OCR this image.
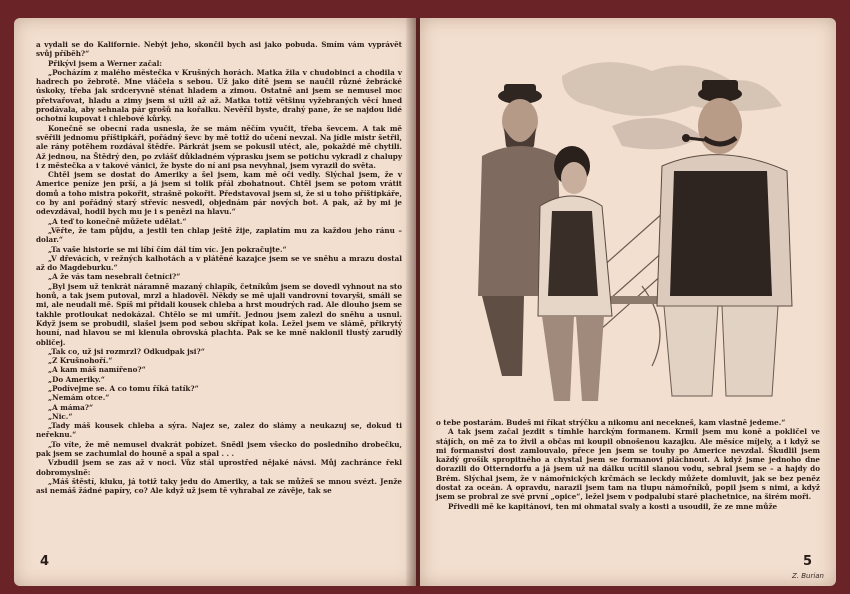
a vydali se do Kalifornie. Nebýt jeho, skončil bych asi jako pobuda. Smím vám vyprávět svůj příběh?“

Přikývl jsem a Werner začal:

„Pocházím z malého městečka v Krušných horách. Matka žila v chudobinci a chodila v hadrech po žebrotě. Mne vláčela s sebou. Už jako dítě jsem se naučil různé žebrácké úskoky, třeba jak srdceryvně sténat hladem a zimou. Ostatně ani jsem se nemusel moc přetvařovat, hladu a zimy jsem si užil až až. Matka totiž většinu vyžebraných věcí hned prodávala, aby sehnala pár grošů na kořalku. Nevěříl byste, drahý pane, že se najdou lidé ochotní kupovat i chlebové kůrky.

Konečně se obecní rada usnesla, že se mám něčím vyučit, třeba ševcem. A tak mě svěřili jednomu příštipkáři, pořádný ševc by mě totiž do učení nevzal. Na jídle mistr šetřil, ale rány potěhem rozdával štědře. Párkrát jsem se pokusil utéct, ale, pokaždé mě chytili. Až jednou, na Štědrý den, po zvlášť důkladném výprasku jsem se potichu vykradl z chalupy i z městečka a v takové vánici, že byste do ní ani psa nevyhnal, jsem vyrazil do světa.

Chtěl jsem se dostat do Ameriky a šel jsem, kam mě oči vedly. Slýchal jsem, že v Americe peníze jen prší, a já jsem si tolik přál zbohatnout. Chtěl jsem se potom vrátit domů a toho mistra pokořit, strašně pokořit. Představoval jsem si, že si u toho příštipkáře, co by ani pořádný starý střevíc nesvedl, objednám pár nových bot. A pak, až by mi je odevzdával, hodil bych mu je i s penězi na hlavu.“

„A teď to konečně můžete udělat.“

„Věřte, že tam půjdu, a jestli ten chlap ještě žije, zaplatím mu za každou jeho ránu – dolar.“

„Ta vaše historie se mi líbí čím dál tím víc. Jen pokračujte.“

„V dřevácích, v režných kalhotách a v plátěné kazajce jsem se ve sněhu a mrazu dostal až do Magdeburku.“

„A že vás tam nesebrali četníci?“

„Byl jsem už tenkrát náramně mazaný chlapík, četníkům jsem se dovedl vyhnout na sto honů, a tak jsem putoval, mrzl a hladověl. Někdy se mě ujali vandrovní tovaryši, smáli se mi, ale neudali mě. Spíš mi přidali kousek chleba a hrst moudrých rad. Ale dlouho jsem se takhle protloukat nedokázal. Chtělo se mi umřít. Jednou jsem zalezl do sněhu a usnul. Když jsem se probudil, slašel jsem pod sebou skřípat kola. Ležel jsem ve slámě, přikrytý houní, nad hlavou se mi klenula obrovská plachta. Pak se ke mně naklonil tlustý zarudlý obličej.

„Tak co, už jsi rozmrzl? Odkudpak jsi?“

„Z Krušnohoří.“

„A kam máš namířeno?“

„Do Ameriky.“

„Podívejme se. A co tomu říká tatík?“

„Nemám otce.“

„A máma?“

„Nic.“

„Tady máš kousek chleba a sýra. Najez se, zalez do slámy a neukazuj se, dokud ti neřeknu.“

„To víte, že mě nemusel dvakrát pobízet. Snědl jsem všecko do posledního drobečku, pak jsem se zachumlal do houně a spal a spal . . .

Vzbudil jsem se zas až v noci. Vůz stál uprostřed nějaké návsi. Můj zachránce řekl dobromyslně:

„Máš štěstí, kluku, já totiž taky jedu do Ameriky, a tak se můžeš se mnou svézt. Jenže asi nemáš žádné papíry, co? Ale když už jsem tě vyhrabal ze závěje, tak se

4
Z. Burian

o tebe postarám. Budeš mi říkat strýčku a nikomu ani necekneš, kam vlastně jedeme.“

A tak jsem začal jezdit s tímhle harckým formanem. Krmil jsem mu koně a pokličel ve stájích, on mě za to živil a občas mi koupil obnošenou kazajku. Ale měsíce míjely, a i když se mi formanství dost zamlouvalo, přece jen jsem se touhy po Americe nevzdal. Škudlil jsem každý grošík spropitného a chystal jsem se formanovi pláchnout. A když jsme jednoho dne dorazili do Otterndorfu a já jsem už na dálku ucítil slanou vodu, sebral jsem se – a hajdy do Brém. Slýchal jsem, že v námořnických krčmách se leckdy můžete domluvit, jak se bez peněz dostat za oceán. A opravdu, narazil jsem tam na tlupu námořníků, popil jsem s nimi, a když jsem se probral ze své první „opice“, ležel jsem v podpalubí staré plachetnice, na širém moři.

Přivedli mě ke kapitánovi, ten mi ohmatal svaly a kosti a usoudil, že ze mne může

5
